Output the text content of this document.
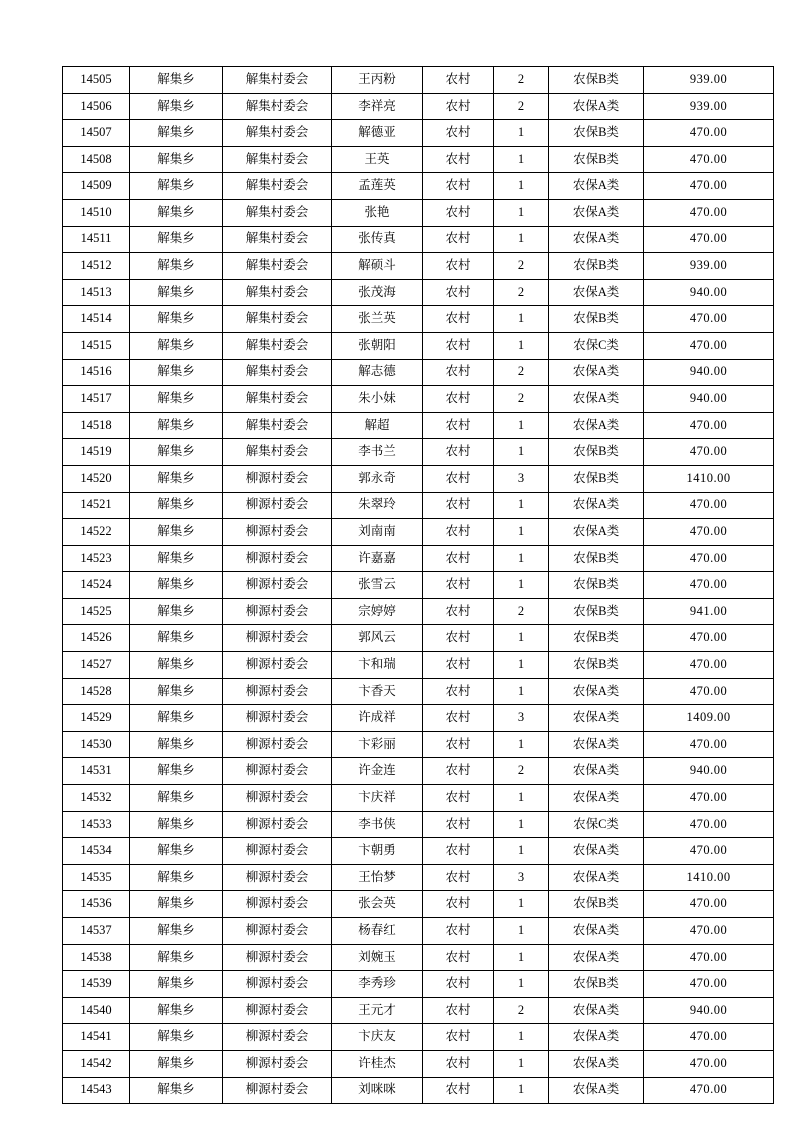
14505	解集乡	解集村委会	王丙粉	农村	2	农保B类	939.00
14506	解集乡	解集村委会	李祥亮	农村	2	农保A类	939.00
14507	解集乡	解集村委会	解德亚	农村	1	农保B类	470.00
14508	解集乡	解集村委会	王英	农村	1	农保B类	470.00
14509	解集乡	解集村委会	孟莲英	农村	1	农保A类	470.00
14510	解集乡	解集村委会	张艳	农村	1	农保A类	470.00
14511	解集乡	解集村委会	张传真	农村	1	农保A类	470.00
14512	解集乡	解集村委会	解硕斗	农村	2	农保B类	939.00
14513	解集乡	解集村委会	张茂海	农村	2	农保A类	940.00
14514	解集乡	解集村委会	张兰英	农村	1	农保B类	470.00
14515	解集乡	解集村委会	张朝阳	农村	1	农保C类	470.00
14516	解集乡	解集村委会	解志德	农村	2	农保A类	940.00
14517	解集乡	解集村委会	朱小妹	农村	2	农保A类	940.00
14518	解集乡	解集村委会	解超	农村	1	农保A类	470.00
14519	解集乡	解集村委会	李书兰	农村	1	农保B类	470.00
14520	解集乡	柳源村委会	郭永奇	农村	3	农保B类	1410.00
14521	解集乡	柳源村委会	朱翠玲	农村	1	农保A类	470.00
14522	解集乡	柳源村委会	刘南南	农村	1	农保A类	470.00
14523	解集乡	柳源村委会	许嘉嘉	农村	1	农保B类	470.00
14524	解集乡	柳源村委会	张雪云	农村	1	农保B类	470.00
14525	解集乡	柳源村委会	宗婷婷	农村	2	农保B类	941.00
14526	解集乡	柳源村委会	郭风云	农村	1	农保B类	470.00
14527	解集乡	柳源村委会	卞和瑞	农村	1	农保B类	470.00
14528	解集乡	柳源村委会	卞香天	农村	1	农保A类	470.00
14529	解集乡	柳源村委会	许成祥	农村	3	农保A类	1409.00
14530	解集乡	柳源村委会	卞彩丽	农村	1	农保A类	470.00
14531	解集乡	柳源村委会	许金连	农村	2	农保A类	940.00
14532	解集乡	柳源村委会	卞庆祥	农村	1	农保A类	470.00
14533	解集乡	柳源村委会	李书侠	农村	1	农保C类	470.00
14534	解集乡	柳源村委会	卞朝勇	农村	1	农保A类	470.00
14535	解集乡	柳源村委会	王怡梦	农村	3	农保A类	1410.00
14536	解集乡	柳源村委会	张会英	农村	1	农保B类	470.00
14537	解集乡	柳源村委会	杨春红	农村	1	农保A类	470.00
14538	解集乡	柳源村委会	刘婉玉	农村	1	农保A类	470.00
14539	解集乡	柳源村委会	李秀珍	农村	1	农保B类	470.00
14540	解集乡	柳源村委会	王元才	农村	2	农保A类	940.00
14541	解集乡	柳源村委会	卞庆友	农村	1	农保A类	470.00
14542	解集乡	柳源村委会	许桂杰	农村	1	农保A类	470.00
14543	解集乡	柳源村委会	刘咪咪	农村	1	农保A类	470.00
